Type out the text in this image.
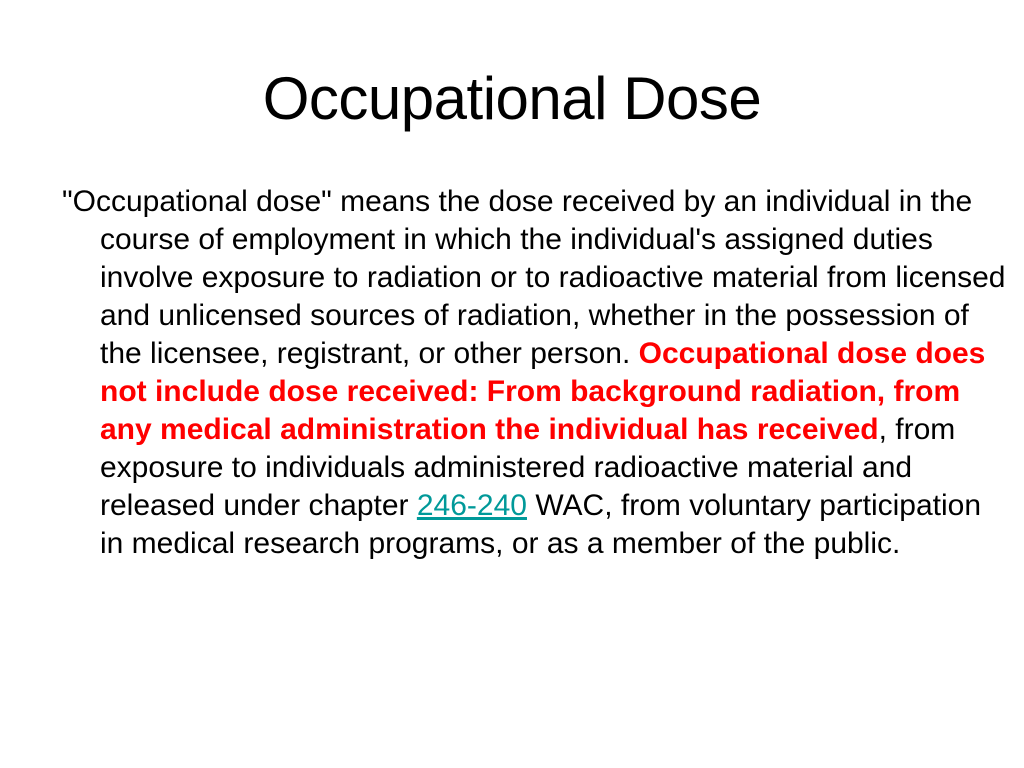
Occupational Dose

"Occupational dose" means the dose received by an individual in the course of employment in which the individual's assigned duties involve exposure to radiation or to radioactive material from licensed and unlicensed sources of radiation, whether in the possession of the licensee, registrant, or other person. Occupational dose does not include dose received: From background radiation, from any medical administration the individual has received, from exposure to individuals administered radioactive material and released under chapter 246-240 WAC, from voluntary participation in medical research programs, or as a member of the public.
